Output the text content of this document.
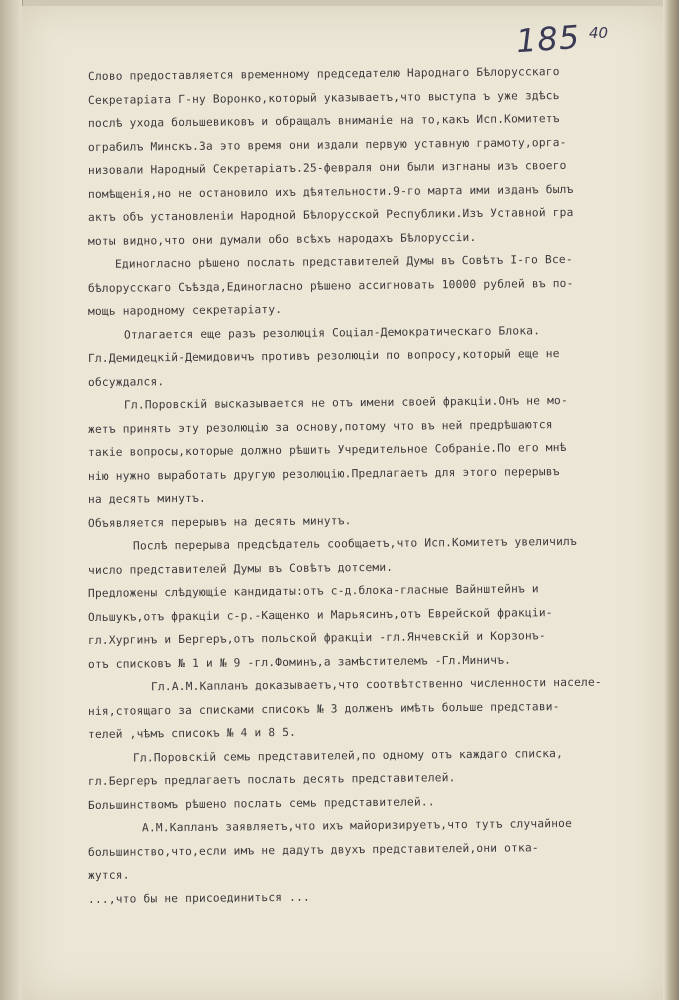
185 40
Слово предоставляется временному председателю Народнаго Бѣлорусскаго
Секретаріата Г-ну Воронко,который указываетъ,что выступа ъ уже здѣсь
послѣ ухода большевиковъ и обращалъ вниманіе на то,какъ Исп.Комитетъ
ограбилъ Минскъ.За это время они издали первую уставную грамоту,орга-
низовали Народный Секретаріатъ.25-февраля они были изгнаны изъ своего
помѣщенія,но не остановило ихъ дѣятельности.9-го марта ими изданъ былъ
актъ объ установленіи Народной Бѣлорусской Республики.Изъ Уставной гра
моты видно,что они думали обо всѣхъ народахъ Бѣлоруссіи.
Единогласно рѣшено послать представителей Думы въ Совѣтъ I-го Все-
бѣлорусскаго Съѣзда,Единогласно рѣшено ассигновать 10000 рублей въ по-
мощь народному секретаріату.
Отлагается еще разъ резолюція Соціал-Демократическаго Блока.
Гл.Демидецкій-Демидовичъ противъ резолюціи по вопросу,который еще не
обсуждался.
Гл.Поровскій высказывается не отъ имени своей фракціи.Онъ не мо-
жетъ принять эту резолюцію за основу,потому что въ ней предрѣшаются
такіе вопросы,которые должно рѣшить Учредительное Собраніе.По его мнѣ
нію нужно выработать другую резолюцію.Предлагаетъ для этого перерывъ
на десять минутъ.
Объявляется перерывъ на десять минутъ.
Послѣ перерыва предсѣдатель сообщаетъ,что Исп.Комитетъ увеличилъ
число представителей Думы въ Совѣтъ дотсеми.
Предложены слѣдующіе кандидаты:отъ с-д.блока-гласные Вайнштейнъ и
Ольшукъ,отъ фракціи с-р.-Кащенко и Марьясинъ,отъ Еврейской фракціи-
гл.Хургинъ и Бергеръ,отъ польской фракціи -гл.Янчевскій и Корзонъ-
отъ списковъ № 1 и № 9 -гл.Фоминъ,а замѣстителемъ -Гл.Миничъ.
Гл.А.М.Капланъ доказываетъ,что соотвѣтственно численности населе-
нія,стоящаго за списками списокъ № 3 долженъ имѣть больше представи-
телей ,чѣмъ списокъ № 4 и 8 5.
Гл.Поровскій семь представителей,по одному отъ каждаго списка,
гл.Бергеръ предлагаетъ послать десять представителей.
Большинствомъ рѣшено послать семь представителей..
А.М.Капланъ заявляетъ,что ихъ майоризируетъ,что тутъ случайное
большинство,что,если имъ не дадутъ двухъ представителей,они отка-
жутся.
...,что бы не присоединиться ...
